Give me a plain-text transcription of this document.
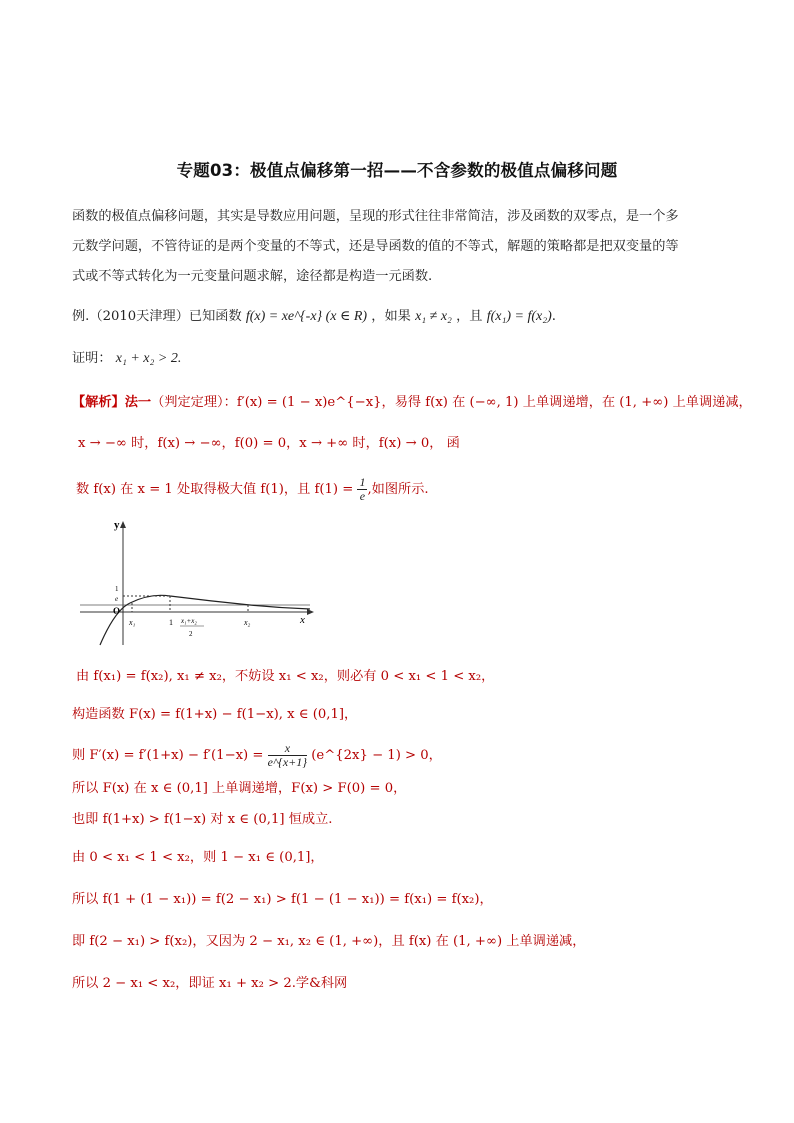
专题03：极值点偏移第一招——不含参数的极值点偏移问题
函数的极值点偏移问题，其实是导数应用问题，呈现的形式往往非常简洁，涉及函数的双零点，是一个多
元数学问题，不管待证的是两个变量的不等式，还是导函数的值的不等式，解题的策略都是把双变量的等
式或不等式转化为一元变量问题求解，途径都是构造一元函数.
例.（2010天津理）已知函数 f(x) = xe^{-x} (x ∈ R) ，如果 x₁ ≠ x₂ ，且 f(x₁) = f(x₂).
证明： x₁ + x₂ > 2.
【解析】法一（判定定理）：f′(x) = (1 − x)e^{−x}，易得 f(x) 在 (−∞, 1) 上单调递增，在 (1, +∞) 上单调递减，
x → −∞ 时，f(x) → −∞，f(0) = 0，x → +∞ 时，f(x) → 0， 函
数 f(x) 在 x = 1 处取得极大值 f(1)，且 $f(1) = \frac{1}{e}$ ,如图所示.
y
x
O
1
e
x₁	1 x₁+x₂
2
x₂
由 f(x₁) = f(x₂), x₁ ≠ x₂，不妨设 x₁ < x₂，则必有 0 < x₁ < 1 < x₂，
构造函数 F(x) = f(1+x) − f(1−x), x ∈ (0,1]，
则 $F'(x) = f'(1+x) - f'(1-x) = \frac{x}{e\^{}\{x+1\}}$ (e^{2x} − 1) > 0，
所以 F(x) 在 x ∈ (0,1] 上单调递增，F(x) > F(0) = 0，
也即 f(1+x) > f(1−x) 对 x ∈ (0,1] 恒成立.
由 0 < x₁ < 1 < x₂，则 1 − x₁ ∈ (0,1]，
所以 f(1 + (1 − x₁)) = f(2 − x₁) > f(1 − (1 − x₁)) = f(x₁) = f(x₂)，
即 f(2 − x₁) > f(x₂)，又因为 2 − x₁, x₂ ∈ (1, +∞)，且 f(x) 在 (1, +∞) 上单调递减，
所以 2 − x₁ < x₂，即证 x₁ + x₂ > 2.学&科网
